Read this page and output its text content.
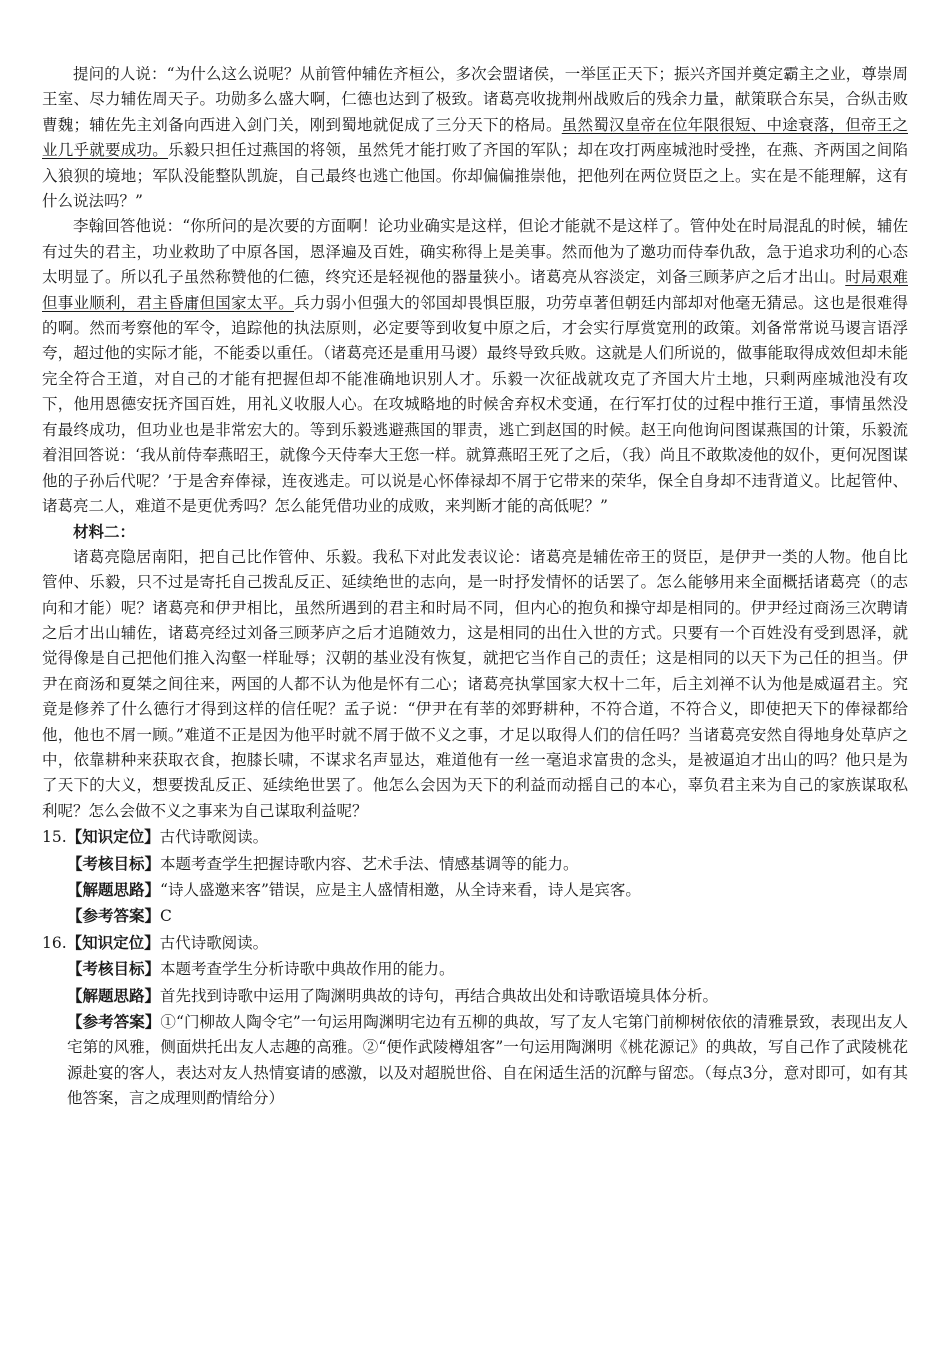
提问的人说：“为什么这么说呢？从前管仲辅佐齐桓公，多次会盟诸侯，一举匡正天下；振兴齐国并奠定霸主之业，尊崇周王室、尽力辅佐周天子。功勋多么盛大啊，仁德也达到了极致。诸葛亮收拢荆州战败后的残余力量，献策联合东吴，合纵击败曹魏；辅佐先主刘备向西进入剑门关，刚到蜀地就促成了三分天下的格局。虽然蜀汉皇帝在位年限很短、中途衰落，但帝王之业几乎就要成功。乐毅只担任过燕国的将领，虽然凭才能打败了齐国的军队；却在攻打两座城池时受挫，在燕、齐两国之间陷入狼狈的境地；军队没能整队凯旋，自己最终也逃亡他国。你却偏偏推崇他，把他列在两位贤臣之上。实在是不能理解，这有什么说法吗？”

李翰回答他说：“你所问的是次要的方面啊！论功业确实是这样，但论才能就不是这样了。管仲处在时局混乱的时候，辅佐有过失的君主，功业救助了中原各国，恩泽遍及百姓，确实称得上是美事。然而他为了邀功而侍奉仇敌，急于追求功利的心态太明显了。所以孔子虽然称赞他的仁德，终究还是轻视他的器量狭小。诸葛亮从容淡定，刘备三顾茅庐之后才出山。时局艰难但事业顺利，君主昏庸但国家太平。兵力弱小但强大的邻国却畏惧臣服，功劳卓著但朝廷内部却对他毫无猜忌。这也是很难得的啊。然而考察他的军令，追踪他的执法原则，必定要等到收复中原之后，才会实行厚赏宽刑的政策。刘备常常说马谡言语浮夸，超过他的实际才能，不能委以重任。（诸葛亮还是重用马谡）最终导致兵败。这就是人们所说的，做事能取得成效但却未能完全符合王道，对自己的才能有把握但却不能准确地识别人才。乐毅一次征战就攻克了齐国大片土地，只剩两座城池没有攻下，他用恩德安抚齐国百姓，用礼义收服人心。在攻城略地的时候舍弃权术变通，在行军打仗的过程中推行王道，事情虽然没有最终成功，但功业也是非常宏大的。等到乐毅逃避燕国的罪责，逃亡到赵国的时候。赵王向他询问图谋燕国的计策，乐毅流着泪回答说：‘我从前侍奉燕昭王，就像今天侍奉大王您一样。就算燕昭王死了之后，（我）尚且不敢欺凌他的奴仆，更何况图谋他的子孙后代呢？’于是舍弃俸禄，连夜逃走。可以说是心怀俸禄却不屑于它带来的荣华，保全自身却不违背道义。比起管仲、诸葛亮二人，难道不是更优秀吗？怎么能凭借功业的成败，来判断才能的高低呢？”

材料二：

诸葛亮隐居南阳，把自己比作管仲、乐毅。我私下对此发表议论：诸葛亮是辅佐帝王的贤臣，是伊尹一类的人物。他自比管仲、乐毅，只不过是寄托自己拨乱反正、延续绝世的志向，是一时抒发情怀的话罢了。怎么能够用来全面概括诸葛亮（的志向和才能）呢？诸葛亮和伊尹相比，虽然所遇到的君主和时局不同，但内心的抱负和操守却是相同的。伊尹经过商汤三次聘请之后才出山辅佐，诸葛亮经过刘备三顾茅庐之后才追随效力，这是相同的出仕入世的方式。只要有一个百姓没有受到恩泽，就觉得像是自己把他们推入沟壑一样耻辱；汉朝的基业没有恢复，就把它当作自己的责任；这是相同的以天下为己任的担当。伊尹在商汤和夏桀之间往来，两国的人都不认为他是怀有二心；诸葛亮执掌国家大权十二年，后主刘禅不认为他是威逼君主。究竟是修养了什么德行才得到这样的信任呢？孟子说：“伊尹在有莘的郊野耕种，不符合道，不符合义，即使把天下的俸禄都给他，他也不屑一顾。”难道不正是因为他平时就不屑于做不义之事，才足以取得人们的信任吗？当诸葛亮安然自得地身处草庐之中，依靠耕种来获取衣食，抱膝长啸，不谋求名声显达，难道他有一丝一毫追求富贵的念头，是被逼迫才出山的吗？他只是为了天下的大义，想要拨乱反正、延续绝世罢了。他怎么会因为天下的利益而动摇自己的本心，辜负君主来为自己的家族谋取私利呢？怎么会做不义之事来为自己谋取利益呢？

15.【知识定位】古代诗歌阅读。

【考核目标】本题考查学生把握诗歌内容、艺术手法、情感基调等的能力。

【解题思路】“诗人盛邀来客”错误，应是主人盛情相邀，从全诗来看，诗人是宾客。

【参考答案】C

16.【知识定位】古代诗歌阅读。

【考核目标】本题考查学生分析诗歌中典故作用的能力。

【解题思路】首先找到诗歌中运用了陶渊明典故的诗句，再结合典故出处和诗歌语境具体分析。

【参考答案】①“门柳故人陶令宅”一句运用陶渊明宅边有五柳的典故，写了友人宅第门前柳树依依的清雅景致，表现出友人宅第的风雅，侧面烘托出友人志趣的高雅。②“便作武陵樽俎客”一句运用陶渊明《桃花源记》的典故，写自己作了武陵桃花源赴宴的客人，表达对友人热情宴请的感激，以及对超脱世俗、自在闲适生活的沉醉与留恋。（每点3分，意对即可，如有其他答案，言之成理则酌情给分）
